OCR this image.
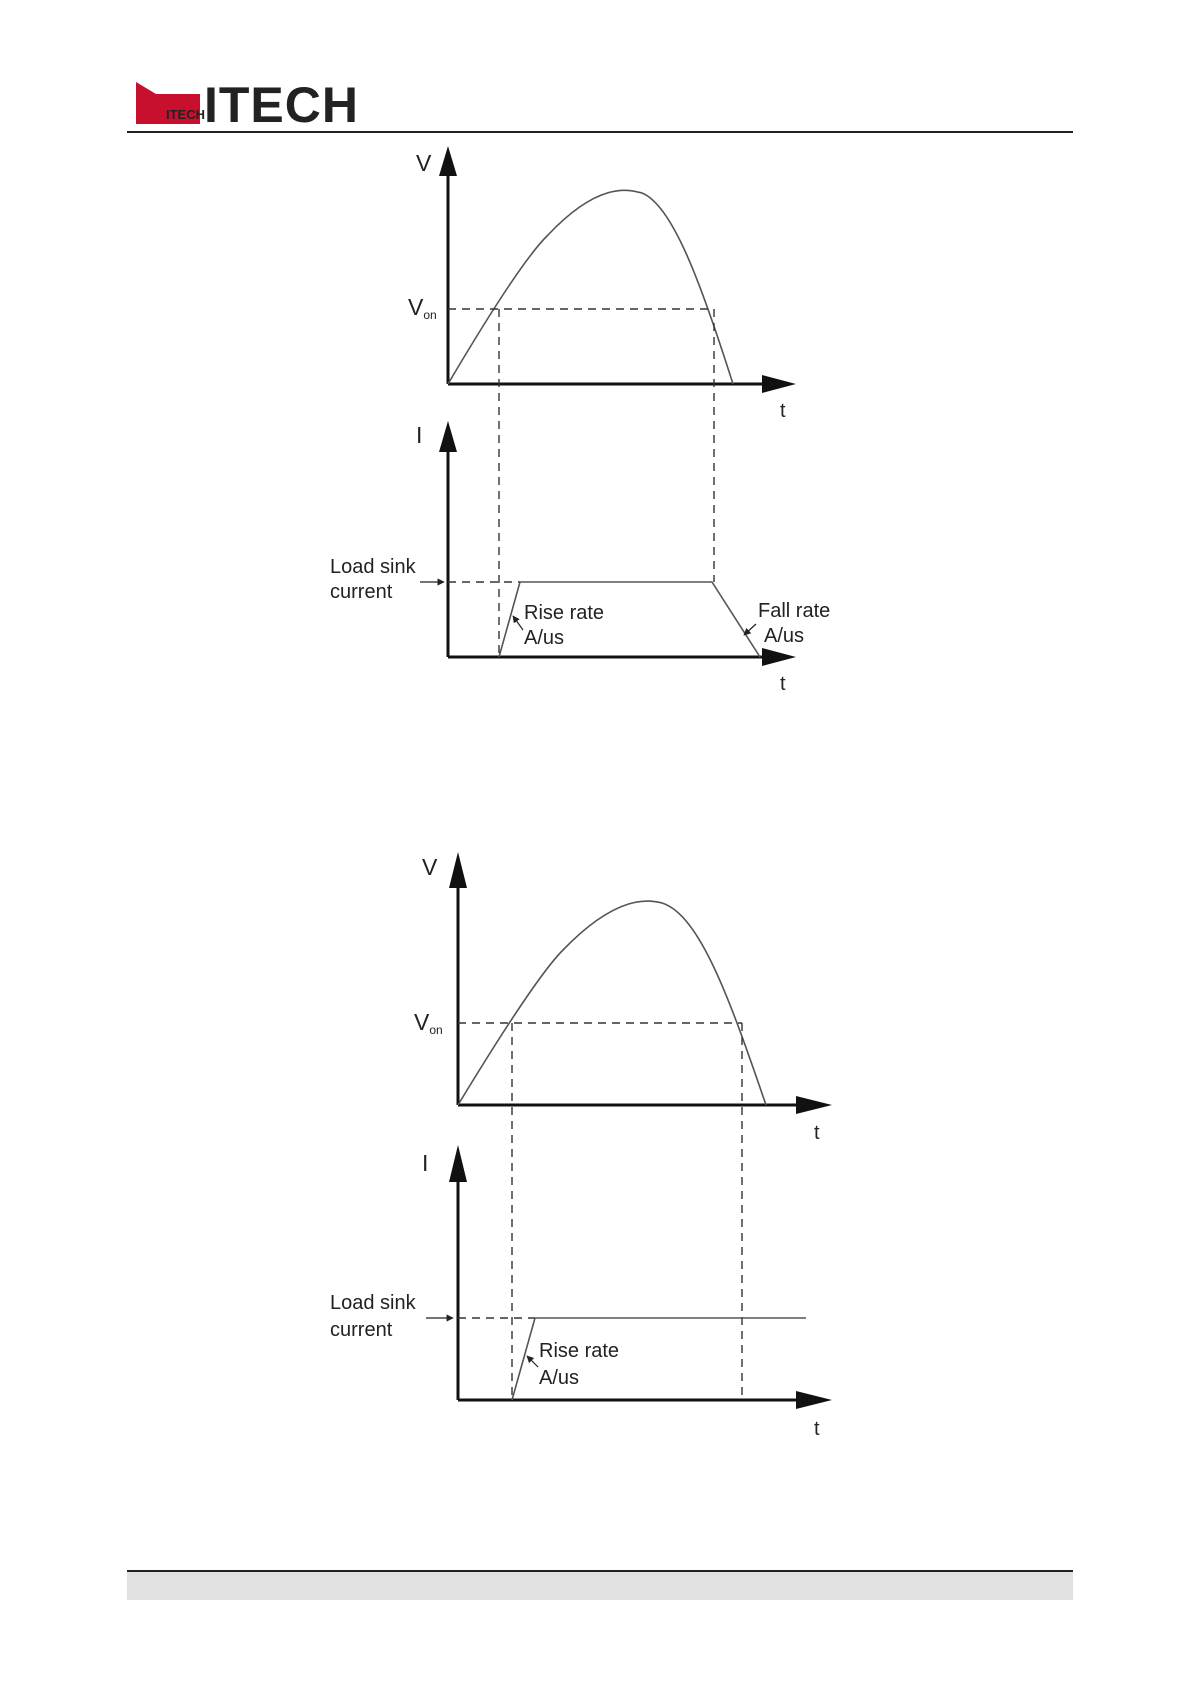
ITECH ITECH
V
Von
t
I
t
Load sink
current
Rise rate
A/us
Fall rate
A/us
V
Von
t
I
t
Load sink
current
Rise rate
A/us
